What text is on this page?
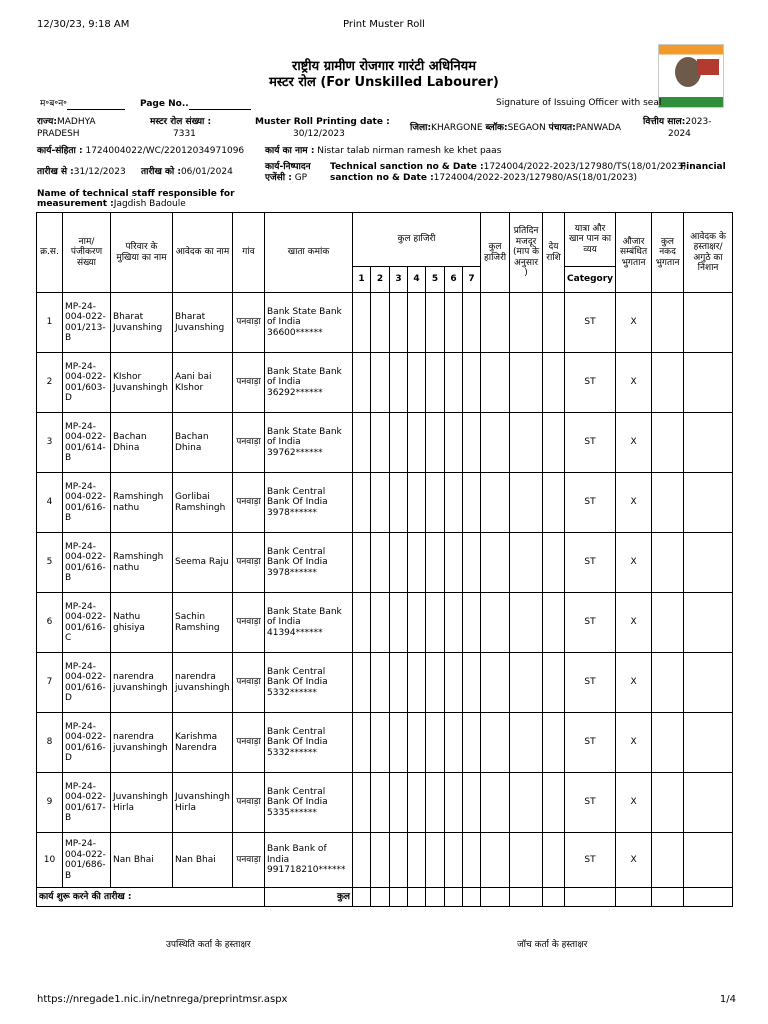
12/30/23, 9:18 AM	Print Muster Roll
राष्ट्रीय ग्रामीण रोजगार गारंटी अधिनियम
मस्टर रोल (For Unskilled Labourer)
म॰ब॰न॰	Page No..	Signature of Issuing Officer with seal
राज्य:MADHYA
PRADESH
मस्टर रोल संख्या :
7331
Muster Roll Printing date :
30/12/2023
जिला:KHARGONE ब्लॉक:SEGAON पंचायत:PANWADA
वित्तीय साल:2023-
2024
कार्य-संहिता : 1724004022/WC/22012034971096 कार्य का नाम : Nistar talab nirman ramesh ke khet paas
तारीख से :31/12/2023 तारीख को :06/01/2024	कार्य-निष्पादन
एजेंसी : GP
Technical sanction no & Date :1724004/2022-2023/127980/TS(18/01/2023)
Financial
sanction no & Date :1724004/2022-2023/127980/AS(18/01/2023)
Name of technical staff responsible for
measurement :Jagdish Badoule
क्र.स.	नाम/ पंजीकरण संख्या	परिवार के मुखिया का नाम	आवेदक का नाम	गांव	खाता कमांक	कुल हाजिरी							कुल हाजिरी	प्रतिदिन मजदूर (माप के अनुसार )	देय राशि	यात्रा और खान पान का व्यय	औजार सम्बंधित भुगतान	कुल नकद भुगतान	आवेदक के हस्ताक्षर/ अगुठे का निशान
						1	2	3	4	5	6	7				Category			
1	MP-24-004-022-001/213-B	Bharat Juvanshing	Bharat Juvanshing	पनवाड़ा	Bank State Bank of India 36600******											ST	X		
2	MP-24-004-022-001/603-D	KIshor Juvanshingh	Aani bai KIshor	पनवाड़ा	Bank State Bank of India 36292******											ST	X		
3	MP-24-004-022-001/614-B	Bachan Dhina	Bachan Dhina	पनवाड़ा	Bank State Bank of India 39762******											ST	X		
4	MP-24-004-022-001/616-B	Ramshingh nathu	Gorlibai Ramshingh	पनवाड़ा	Bank Central Bank Of India 3978******											ST	X		
5	MP-24-004-022-001/616-B	Ramshingh nathu	Seema Raju	पनवाड़ा	Bank Central Bank Of India 3978******											ST	X		
6	MP-24-004-022-001/616-C	Nathu ghisiya	Sachin Ramshing	पनवाड़ा	Bank State Bank of India 41394******											ST	X		
7	MP-24-004-022-001/616-D	narendra juvanshingh	narendra juvanshingh	पनवाड़ा	Bank Central Bank Of India 5332******											ST	X		
8	MP-24-004-022-001/616-D	narendra juvanshingh	Karishma Narendra	पनवाड़ा	Bank Central Bank Of India 5332******											ST	X		
9	MP-24-004-022-001/617-B	Juvanshingh Hirla	Juvanshingh Hirla	पनवाड़ा	Bank Central Bank Of India 5335******											ST	X		
10	MP-24-004-022-001/686-B	Nan Bhai	Nan Bhai	पनवाड़ा	Bank Bank of India 991718210******											ST	X		
कार्य शुरू करने की तारीख :					कुल														
उपस्थिति कर्ता के हस्ताक्षर	जॉच कर्ता के हस्ताक्षर
https://nregade1.nic.in/netnrega/preprintmsr.aspx	1/4
